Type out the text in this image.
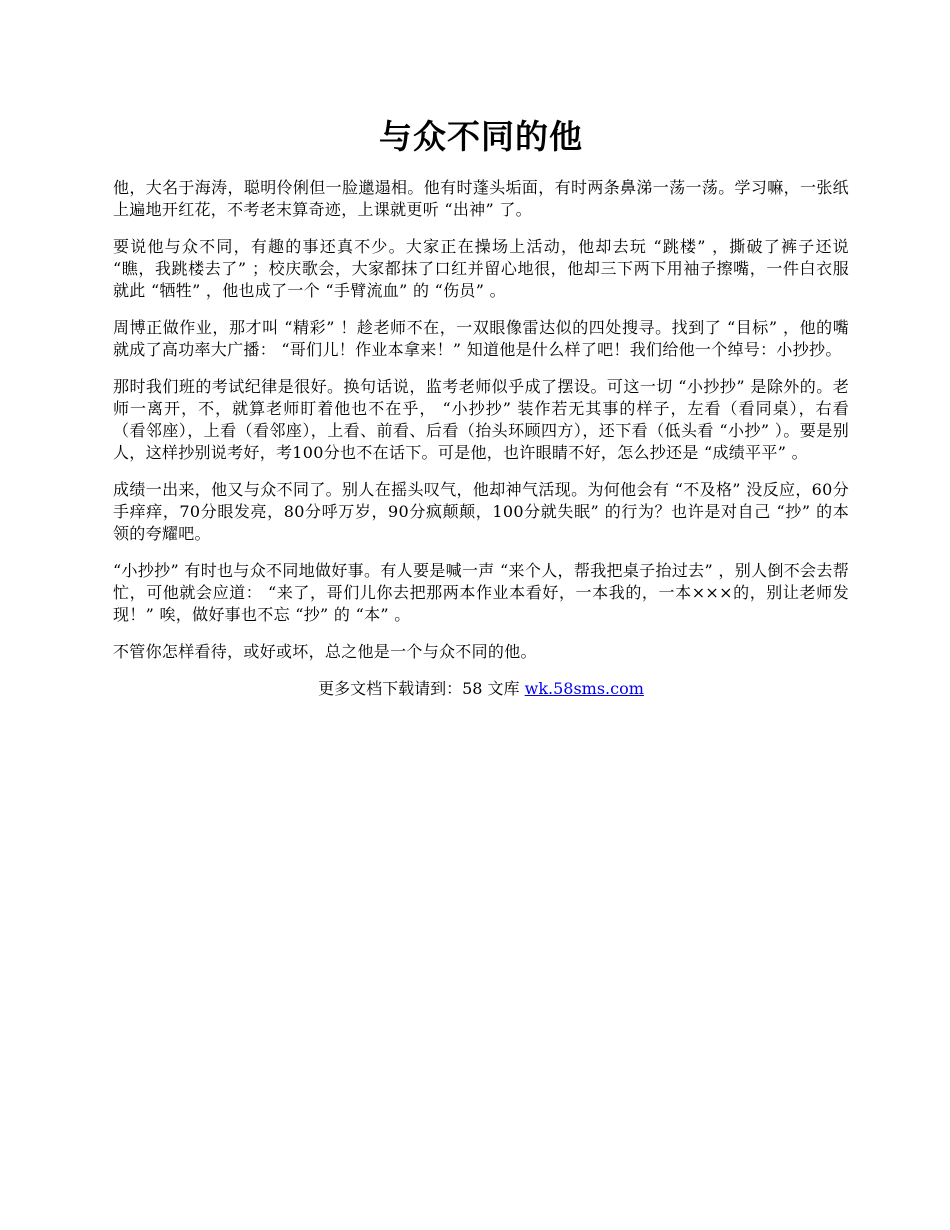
与众不同的他

他，大名于海涛，聪明伶俐但一脸邋遢相。他有时蓬头垢面，有时两条鼻涕一荡一荡。学习嘛，一张纸上遍地开红花，不考老末算奇迹，上课就更听 “出神” 了。

要说他与众不同，有趣的事还真不少。大家正在操场上活动，他却去玩 “跳楼” ，撕破了裤子还说 “瞧，我跳楼去了” ；校庆歌会，大家都抹了口红并留心地很，他却三下两下用袖子擦嘴，一件白衣服就此 “牺牲” ，他也成了一个 “手臂流血” 的 “伤员” 。

周博正做作业，那才叫 “精彩” ！趁老师不在，一双眼像雷达似的四处搜寻。找到了 “目标” ，他的嘴就成了高功率大广播： “哥们儿！作业本拿来！” 知道他是什么样了吧！我们给他一个绰号：小抄抄。

那时我们班的考试纪律是很好。换句话说，监考老师似乎成了摆设。可这一切 “小抄抄” 是除外的。老师一离开，不，就算老师盯着他也不在乎， “小抄抄” 装作若无其事的样子，左看（看同桌），右看（看邻座），上看（看邻座），上看、前看、后看（抬头环顾四方），还下看（低头看 “小抄” ）。要是别人，这样抄别说考好，考100分也不在话下。可是他，也许眼睛不好，怎么抄还是 “成绩平平” 。

成绩一出来，他又与众不同了。别人在摇头叹气，他却神气活现。为何他会有 “不及格” 没反应，60分手痒痒，70分眼发亮，80分呼万岁，90分疯颠颠，100分就失眠” 的行为？也许是对自己 “抄” 的本领的夸耀吧。

“小抄抄” 有时也与众不同地做好事。有人要是喊一声 “来个人，帮我把桌子抬过去” ，别人倒不会去帮忙，可他就会应道： “来了，哥们儿你去把那两本作业本看好，一本我的，一本×××的，别让老师发现！” 唉，做好事也不忘 “抄” 的 “本” 。

不管你怎样看待，或好或坏，总之他是一个与众不同的他。

更多文档下载请到：58 文库 wk.58sms.com
